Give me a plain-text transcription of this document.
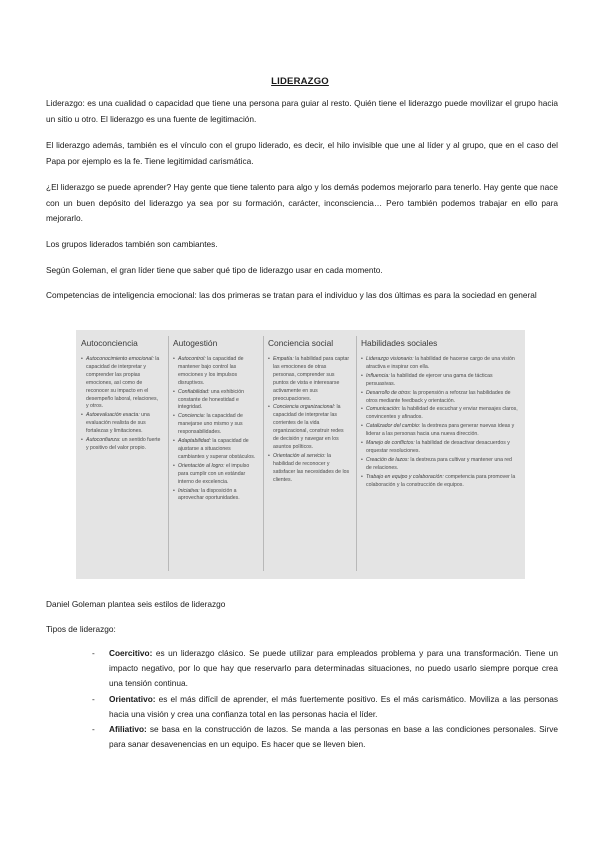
LIDERAZGO

Liderazgo: es una cualidad o capacidad que tiene una persona para guiar al resto. Quién tiene el liderazgo puede movilizar el grupo hacia un sitio u otro. El liderazgo es una fuente de legitimación.

El liderazgo además, también es el vínculo con el grupo liderado, es decir, el hilo invisible que une al líder y al grupo, que en el caso del Papa por ejemplo es la fe. Tiene legitimidad carismática.

¿El liderazgo se puede aprender? Hay gente que tiene talento para algo y los demás podemos mejorarlo para tenerlo. Hay gente que nace con un buen depósito del liderazgo ya sea por su formación, carácter, inconsciencia… Pero también podemos trabajar en ello para mejorarlo.

Los grupos liderados también son cambiantes.

Según Goleman, el gran líder tiene que saber qué tipo de liderazgo usar en cada momento.

Competencias de inteligencia emocional: las dos primeras se tratan para el individuo y las dos últimas es para la sociedad en general

Autoconciencia
• Autoconocimiento emocional: la capacidad de interpretar y comprender las propias emociones, así como de reconocer su impacto en el desempeño laboral, relaciones, y otros.
• Autoevaluación exacta: una evaluación realista de sus fortalezas y limitaciones.
• Autoconfianza: un sentido fuerte y positivo del valor propio.
Autogestión
• Autocontrol: la capacidad de mantener bajo control las emociones y los impulsos disruptivos.
• Confiabilidad: una exhibición constante de honestidad e integridad.
• Conciencia: la capacidad de manejarse uno mismo y sus responsabilidades.
• Adaptabilidad: la capacidad de ajustarse a situaciones cambiantes y superar obstáculos.
• Orientación al logro: el impulso para cumplir con un estándar interno de excelencia.
• Iniciativa: la disposición a aprovechar oportunidades.
Conciencia social
• Empatía: la habilidad para captar las emociones de otras personas, comprender sus puntos de vista e interesarse activamente en sus preocupaciones.
• Conciencia organizacional: la capacidad de interpretar las corrientes de la vida organizacional, construir redes de decisión y navegar en los asuntos políticos.
• Orientación al servicio: la habilidad de reconocer y satisfacer las necesidades de los clientes.
Habilidades sociales
• Liderazgo visionario: la habilidad de hacerse cargo de una visión atractiva e inspirar con ella.
• Influencia: la habilidad de ejercer una gama de tácticas persuasivas.
• Desarrollo de otros: la propensión a reforzar las habilidades de otros mediante feedback y orientación.
• Comunicación: la habilidad de escuchar y enviar mensajes claros, convincentes y afinados.
• Catalizador del cambio: la destreza para generar nuevas ideas y liderar a las personas hacia una nueva dirección.
• Manejo de conflictos: la habilidad de desactivar desacuerdos y orquestar resoluciones.
• Creación de lazos: la destreza para cultivar y mantener una red de relaciones.
• Trabajo en equipo y colaboración: competencia para promover la colaboración y la construcción de equipos.

Daniel Goleman plantea seis estilos de liderazgo

Tipos de liderazgo:

- Coercitivo: es un liderazgo clásico. Se puede utilizar para empleados problema y para una transformación. Tiene un impacto negativo, por lo que hay que reservarlo para determinadas situaciones, no puedo usarlo siempre porque crea una tensión continua.
- Orientativo: es el más difícil de aprender, el más fuertemente positivo. Es el más carismático. Moviliza a las personas hacia una visión y crea una confianza total en las personas hacia el líder.
- Afiliativo: se basa en la construcción de lazos. Se manda a las personas en base a las condiciones personales. Sirve para sanar desavenencias en un equipo. Es hacer que se lleven bien.
